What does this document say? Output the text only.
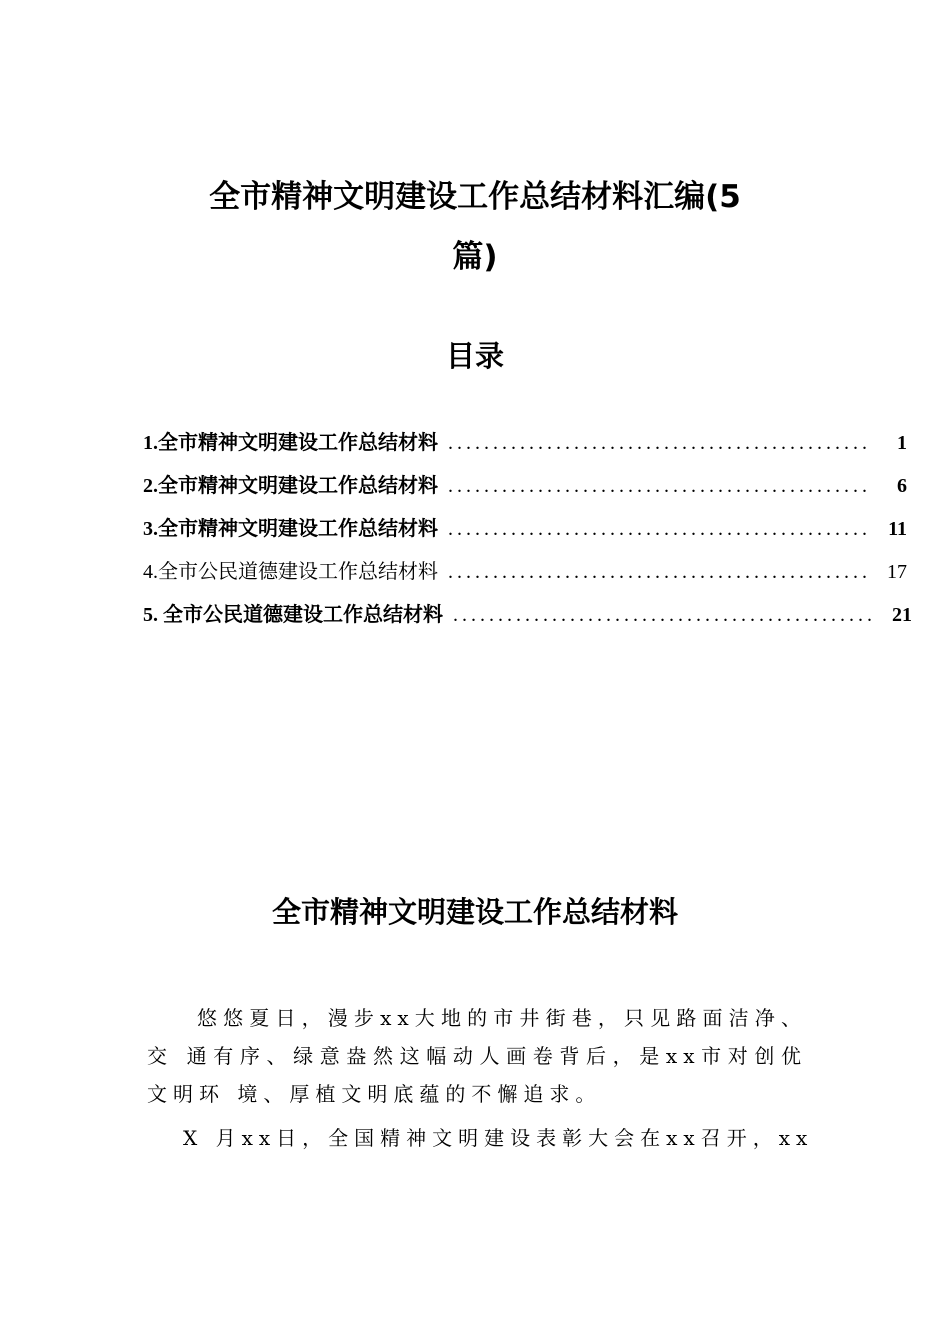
全市精神文明建设工作总结材料汇编(5
篇)
目录
1.全市精神文明建设工作总结材料 ...............................................	1
2.全市精神文明建设工作总结材料 ...............................................	6
3.全市精神文明建设工作总结材料 ............................................... 11
4.全市公民道德建设工作总结材料 ............................................... 17
5. 全市公民道德建设工作总结材料 ............................................... 21
全市精神文明建设工作总结材料

悠悠夏日，漫步xx大地的市井街巷，只见路面洁净、交 通有序、绿意盎然这幅动人画卷背后，是xx市对创优文明环 境、厚植文明底蕴的不懈追求。

X 月xx日，全国精神文明建设表彰大会在xx召开，xx
